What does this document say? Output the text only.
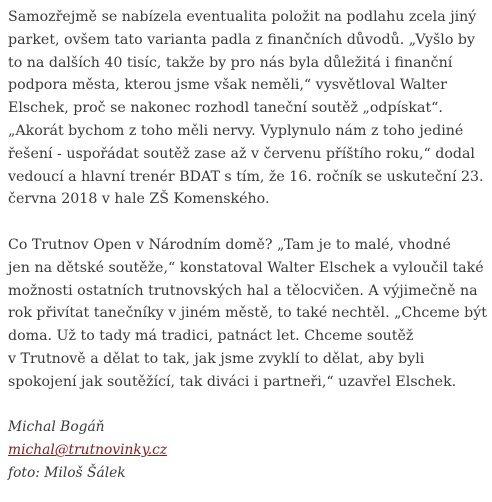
Samozřejmě se nabízela eventualita položit na podlahu zcela jiný
parket, ovšem tato varianta padla z finančních důvodů. „Vyšlo by
to na dalších 40 tisíc, takže by pro nás byla důležitá i finanční
podpora města, kterou jsme však neměli,“ vysvětloval Walter
Elschek, proč se nakonec rozhodl taneční soutěž „odpískat“.
„Akorát bychom z toho měli nervy. Vyplynulo nám z toho jediné
řešení - uspořádat soutěž zase až v červenu příštího roku,“ dodal
vedoucí a hlavní trenér BDAT s tím, že 16. ročník se uskuteční 23.
června 2018 v hale ZŠ Komenského.

Co Trutnov Open v Národním domě? „Tam je to malé, vhodné
jen na dětské soutěže,“ konstatoval Walter Elschek a vyloučil také
možnosti ostatních trutnovských hal a tělocvičen. A výjimečně na
rok přivítat tanečníky v jiném městě, to také nechtěl. „Chceme být
doma. Už to tady má tradici, patnáct let. Chceme soutěž
v Trutnově a dělat to tak, jak jsme zvyklí to dělat, aby byli
spokojení jak soutěžící, tak diváci i partneři,“ uzavřel Elschek.

Michal Bogáň
michal@trutnovinky.cz
foto: Miloš Šálek
